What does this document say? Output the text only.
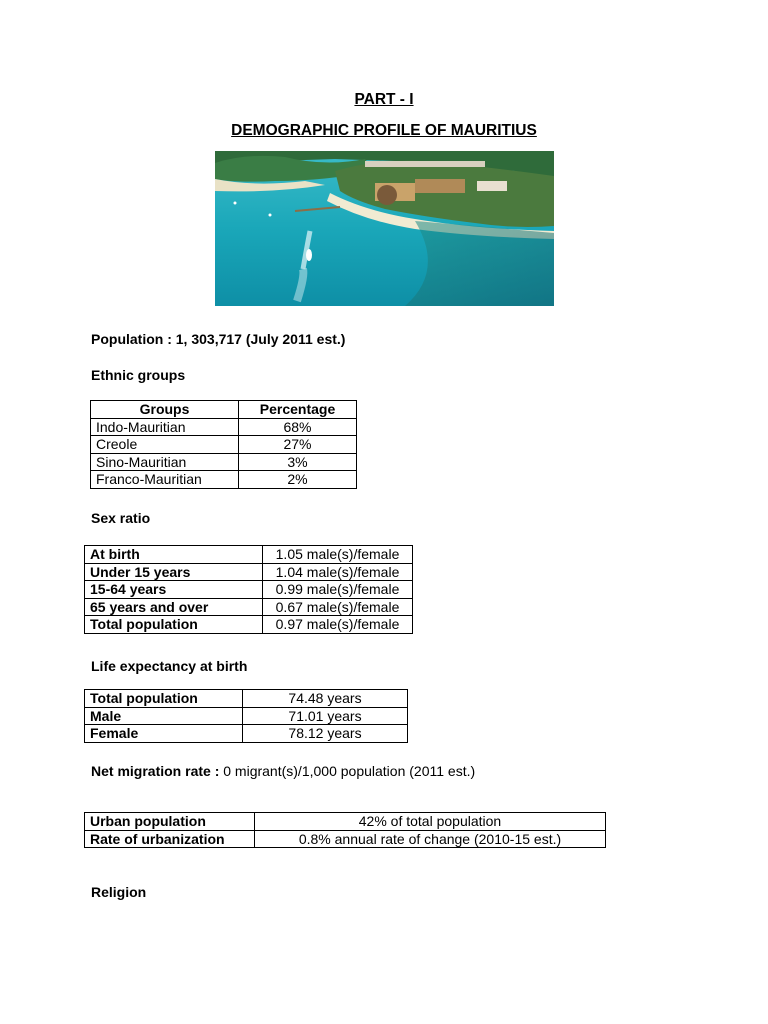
PART - I
DEMOGRAPHIC PROFILE OF MAURITIUS
Population : 1, 303,717 (July 2011 est.)
Ethnic groups
Groups	Percentage
Indo-Mauritian	68%
Creole	27%
Sino-Mauritian	3%
Franco-Mauritian	2%
Sex ratio
At birth	1.05 male(s)/female
Under 15 years	1.04 male(s)/female
15-64 years	0.99 male(s)/female
65 years and over	0.67 male(s)/female
Total population	0.97 male(s)/female
Life expectancy at birth
Total population	74.48 years
Male	71.01 years
Female	78.12 years
Net migration rate : 0 migrant(s)/1,000 population (2011 est.)
Urban population	42% of total population
Rate of urbanization	0.8% annual rate of change (2010-15 est.)
Religion
